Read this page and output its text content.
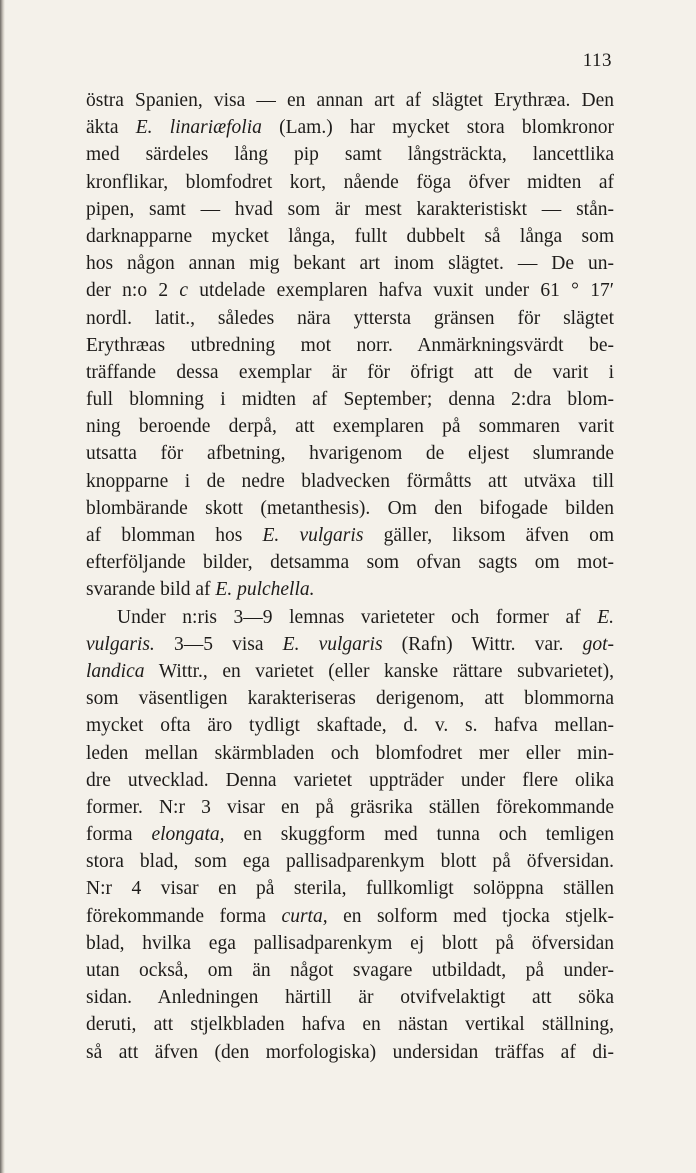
113
östra Spanien, visa — en annan art af slägtet Erythræa. Den
äkta E. linariæfolia (Lam.) har mycket stora blomkronor
med särdeles lång pip samt långsträckta, lancettlika
kronflikar, blomfodret kort, nående föga öfver midten af
pipen, samt — hvad som är mest karakteristiskt — stån-
darknapparne mycket långa, fullt dubbelt så långa som
hos någon annan mig bekant art inom slägtet. — De un-
der n:o 2 c utdelade exemplaren hafva vuxit under 61 ° 17′
nordl. latit., således nära yttersta gränsen för slägtet
Erythræas utbredning mot norr. Anmärkningsvärdt be-
träffande dessa exemplar är för öfrigt att de varit i
full blomning i midten af September; denna 2:dra blom-
ning beroende derpå, att exemplaren på sommaren varit
utsatta för afbetning, hvarigenom de eljest slumrande
knopparne i de nedre bladvecken förmåtts att utväxa till
blombärande skott (metanthesis). Om den bifogade bilden
af blomman hos E. vulgaris gäller, liksom äfven om
efterföljande bilder, detsamma som ofvan sagts om mot-
svarande bild af E. pulchella.
Under n:ris 3—9 lemnas varieteter och former af E.
vulgaris. 3—5 visa E. vulgaris (Rafn) Wittr. var. got-
landica Wittr., en varietet (eller kanske rättare subvarietet),
som väsentligen karakteriseras derigenom, att blommorna
mycket ofta äro tydligt skaftade, d. v. s. hafva mellan-
leden mellan skärmbladen och blomfodret mer eller min-
dre utvecklad. Denna varietet uppträder under flere olika
former. N:r 3 visar en på gräsrika ställen förekommande
forma elongata, en skuggform med tunna och temligen
stora blad, som ega pallisadparenkym blott på öfversidan.
N:r 4 visar en på sterila, fullkomligt solöppna ställen
förekommande forma curta, en solform med tjocka stjelk-
blad, hvilka ega pallisadparenkym ej blott på öfversidan
utan också, om än något svagare utbildadt, på under-
sidan. Anledningen härtill är otvifvelaktigt att söka
deruti, att stjelkbladen hafva en nästan vertikal ställning,
så att äfven (den morfologiska) undersidan träffas af di-
